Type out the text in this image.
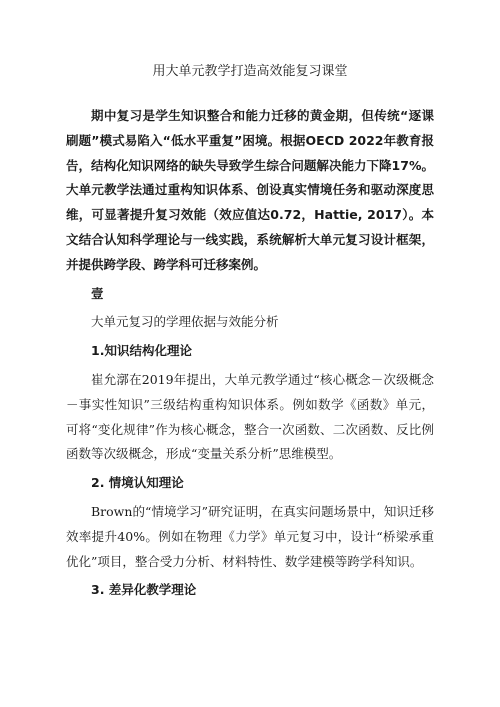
用大单元教学打造高效能复习课堂

期中复习是学生知识整合和能力迁移的黄金期，但传统“逐课刷题”模式易陷入“低水平重复”困境。根据OECD 2022年教育报告，结构化知识网络的缺失导致学生综合问题解决能力下降17%。大单元教学法通过重构知识体系、创设真实情境任务和驱动深度思维，可显著提升复习效能（效应值达0.72，Hattie, 2017）。本文结合认知科学理论与一线实践，系统解析大单元复习设计框架，并提供跨学段、跨学科可迁移案例。

壹
大单元复习的学理依据与效能分析
1.知识结构化理论

崔允漷在2019年提出，大单元教学通过“核心概念－次级概念－事实性知识”三级结构重构知识体系。例如数学《函数》单元，可将“变化规律”作为核心概念，整合一次函数、二次函数、反比例函数等次级概念，形成“变量关系分析”思维模型。

2. 情境认知理论

Brown的“情境学习”研究证明，在真实问题场景中，知识迁移效率提升40%。例如在物理《力学》单元复习中，设计“桥梁承重优化”项目，整合受力分析、材料特性、数学建模等跨学科知识。

3. 差异化教学理论
